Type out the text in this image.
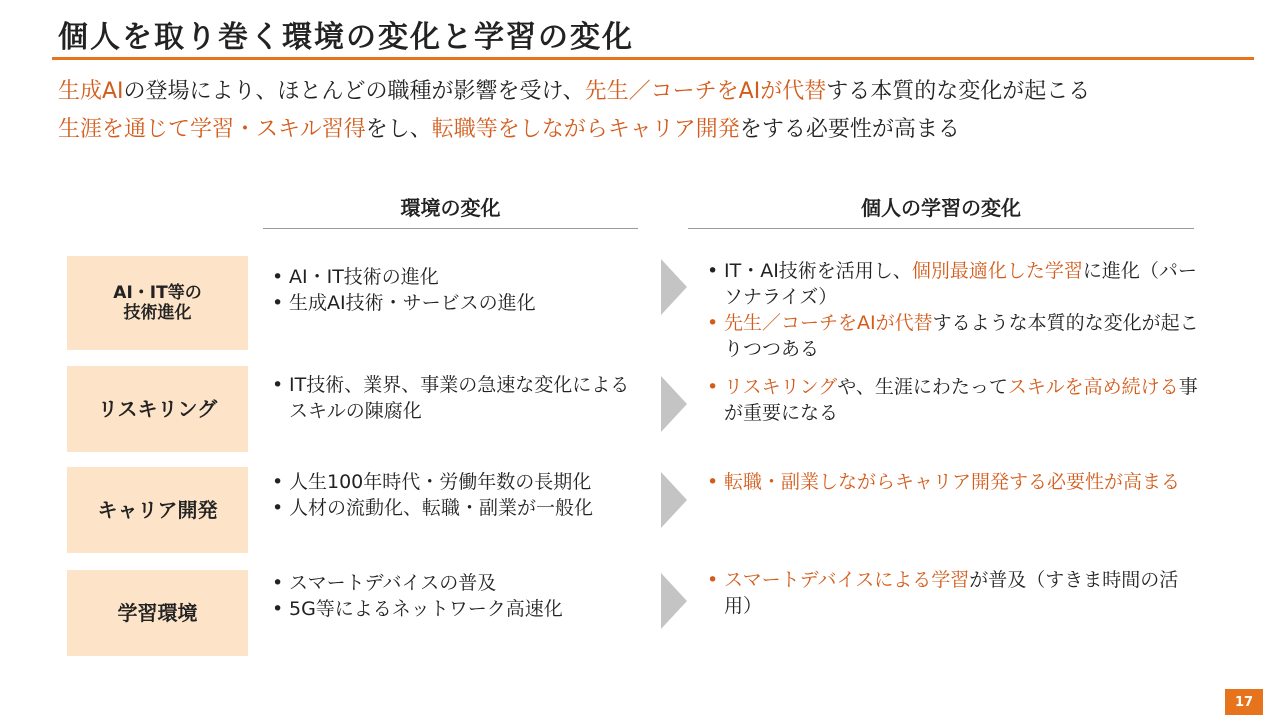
個人を取り巻く環境の変化と学習の変化

生成AIの登場により、ほとんどの職種が影響を受け、先生／コーチをAIが代替する本質的な変化が起こる

生涯を通じて学習・スキル習得をし、転職等をしながらキャリア開発をする必要性が高まる

環境の変化	個人の学習の変化
AI・IT等の
技術進化
• AI・IT技術の進化
• 生成AI技術・サービスの進化
• IT・AI技術を活用し、個別最適化した学習に進化（パーソナライズ）
• 先生／コーチをAIが代替するような本質的な変化が起こりつつある
リスキリング
• IT技術、業界、事業の急速な変化によるスキルの陳腐化
• リスキリングや、生涯にわたってスキルを高め続ける事が重要になる
キャリア開発
• 人生100年時代・労働年数の長期化
• 人材の流動化、転職・副業が一般化
• 転職・副業しながらキャリア開発する必要性が高まる
学習環境
• スマートデバイスの普及
• 5G等によるネットワーク高速化
• スマートデバイスによる学習が普及（すきま時間の活用）
17
